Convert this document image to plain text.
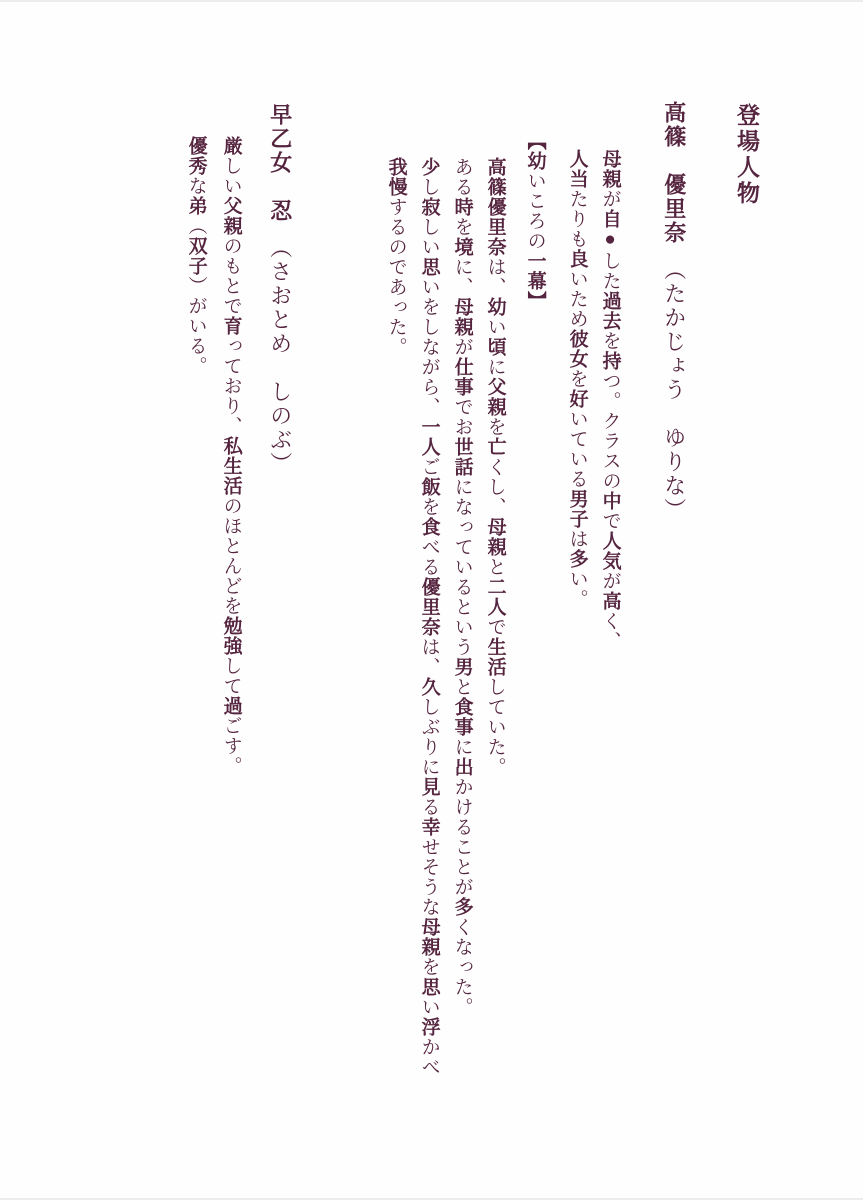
登場人物
高篠　優里奈　（たかじょう　ゆりな）
母親が自●した過去を持つ。クラスの中で人気が高く、
人当たりも良いため彼女を好いている男子は多い。
【幼いころの一幕】
高篠優里奈は、幼い頃に父親を亡くし、母親と二人で生活していた。
ある時を境に、母親が仕事でお世話になっているという男と食事に出かけることが多くなった。
少し寂しい思いをしながら、一人ご飯を食べる優里奈は、久しぶりに見る幸せそうな母親を思い浮かべ
我慢するのであった。
早乙女　忍　（さおとめ　しのぶ）
厳しい父親のもとで育っており、私生活のほとんどを勉強して過ごす。
優秀な弟（双子）がいる。
